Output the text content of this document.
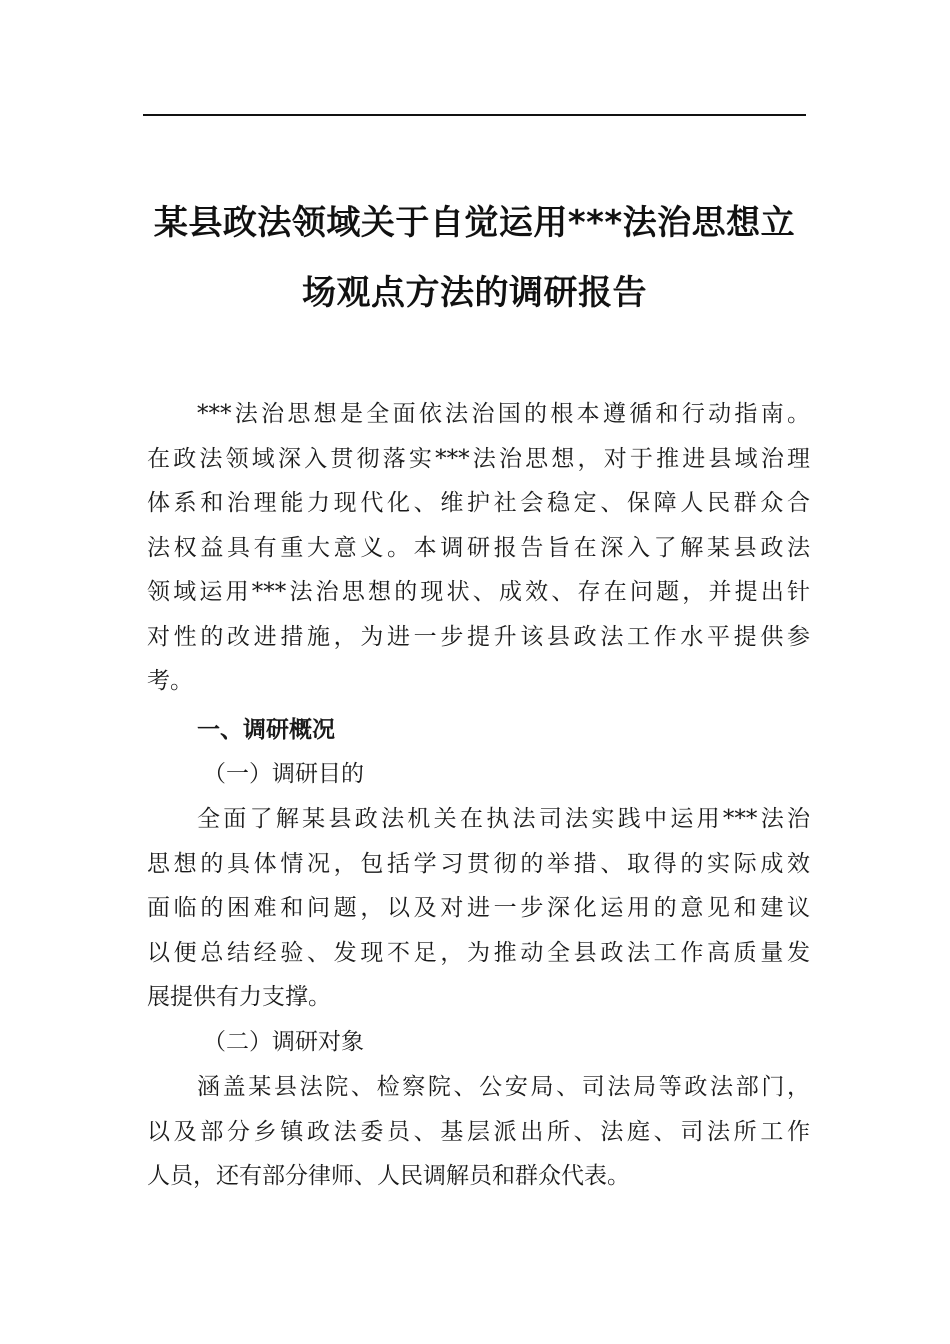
某县政法领域关于自觉运用***法治思想立
场观点方法的调研报告
***法治思想是全面依法治国的根本遵循和行动指南。
在政法领域深入贯彻落实***法治思想，对于推进县域治理
体系和治理能力现代化、维护社会稳定、保障人民群众合
法权益具有重大意义。本调研报告旨在深入了解某县政法
领域运用***法治思想的现状、成效、存在问题，并提出针
对性的改进措施，为进一步提升该县政法工作水平提供参
考。
一、调研概况
（一）调研目的
全面了解某县政法机关在执法司法实践中运用***法治
思想的具体情况，包括学习贯彻的举措、取得的实际成效
面临的困难和问题，以及对进一步深化运用的意见和建议
以便总结经验、发现不足，为推动全县政法工作高质量发
展提供有力支撑。
（二）调研对象
涵盖某县法院、检察院、公安局、司法局等政法部门，
以及部分乡镇政法委员、基层派出所、法庭、司法所工作
人员，还有部分律师、人民调解员和群众代表。
